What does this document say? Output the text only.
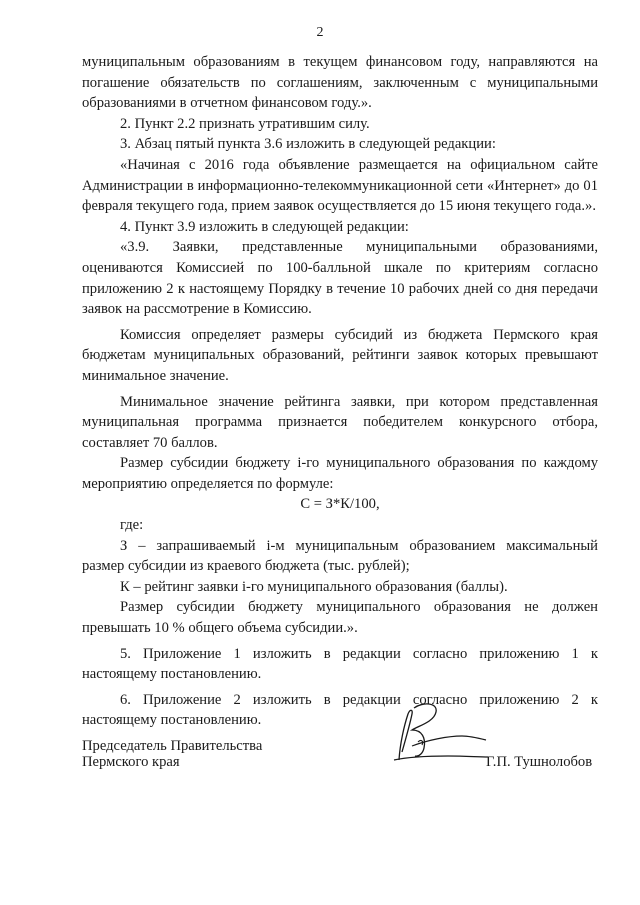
2

муниципальным образованиям в текущем финансовом году, направляются на погашение обязательств по соглашениям, заключенным с муниципальными образованиями в отчетном финансовом году.».

2. Пункт 2.2 признать утратившим силу.

3. Абзац пятый пункта 3.6 изложить в следующей редакции:

«Начиная с 2016 года объявление размещается на официальном сайте Администрации в информационно-телекоммуникационной сети «Интернет» до 01 февраля текущего года, прием заявок осуществляется до 15 июня текущего года.».

4. Пункт 3.9 изложить в следующей редакции:

«3.9. Заявки, представленные муниципальными образованиями, оцениваются Комиссией по 100-балльной шкале по критериям согласно приложению 2 к настоящему Порядку в течение 10 рабочих дней со дня передачи заявок на рассмотрение в Комиссию.

Комиссия определяет размеры субсидий из бюджета Пермского края бюджетам муниципальных образований, рейтинги заявок которых превышают минимальное значение.

Минимальное значение рейтинга заявки, при котором представленная муниципальная программа признается победителем конкурсного отбора, составляет 70 баллов.

Размер субсидии бюджету i-го муниципального образования по каждому мероприятию определяется по формуле:

C = З*К/100,

где:

З – запрашиваемый i-м муниципальным образованием максимальный размер субсидии из краевого бюджета (тыс. рублей);

К – рейтинг заявки i-го муниципального образования (баллы).

Размер субсидии бюджету муниципального образования не должен превышать 10 % общего объема субсидии.».

5. Приложение 1 изложить в редакции согласно приложению 1 к настоящему постановлению.

6. Приложение 2 изложить в редакции согласно приложению 2 к настоящему постановлению.

Председатель Правительства
Пермского края	Г.П. Тушнолобов
